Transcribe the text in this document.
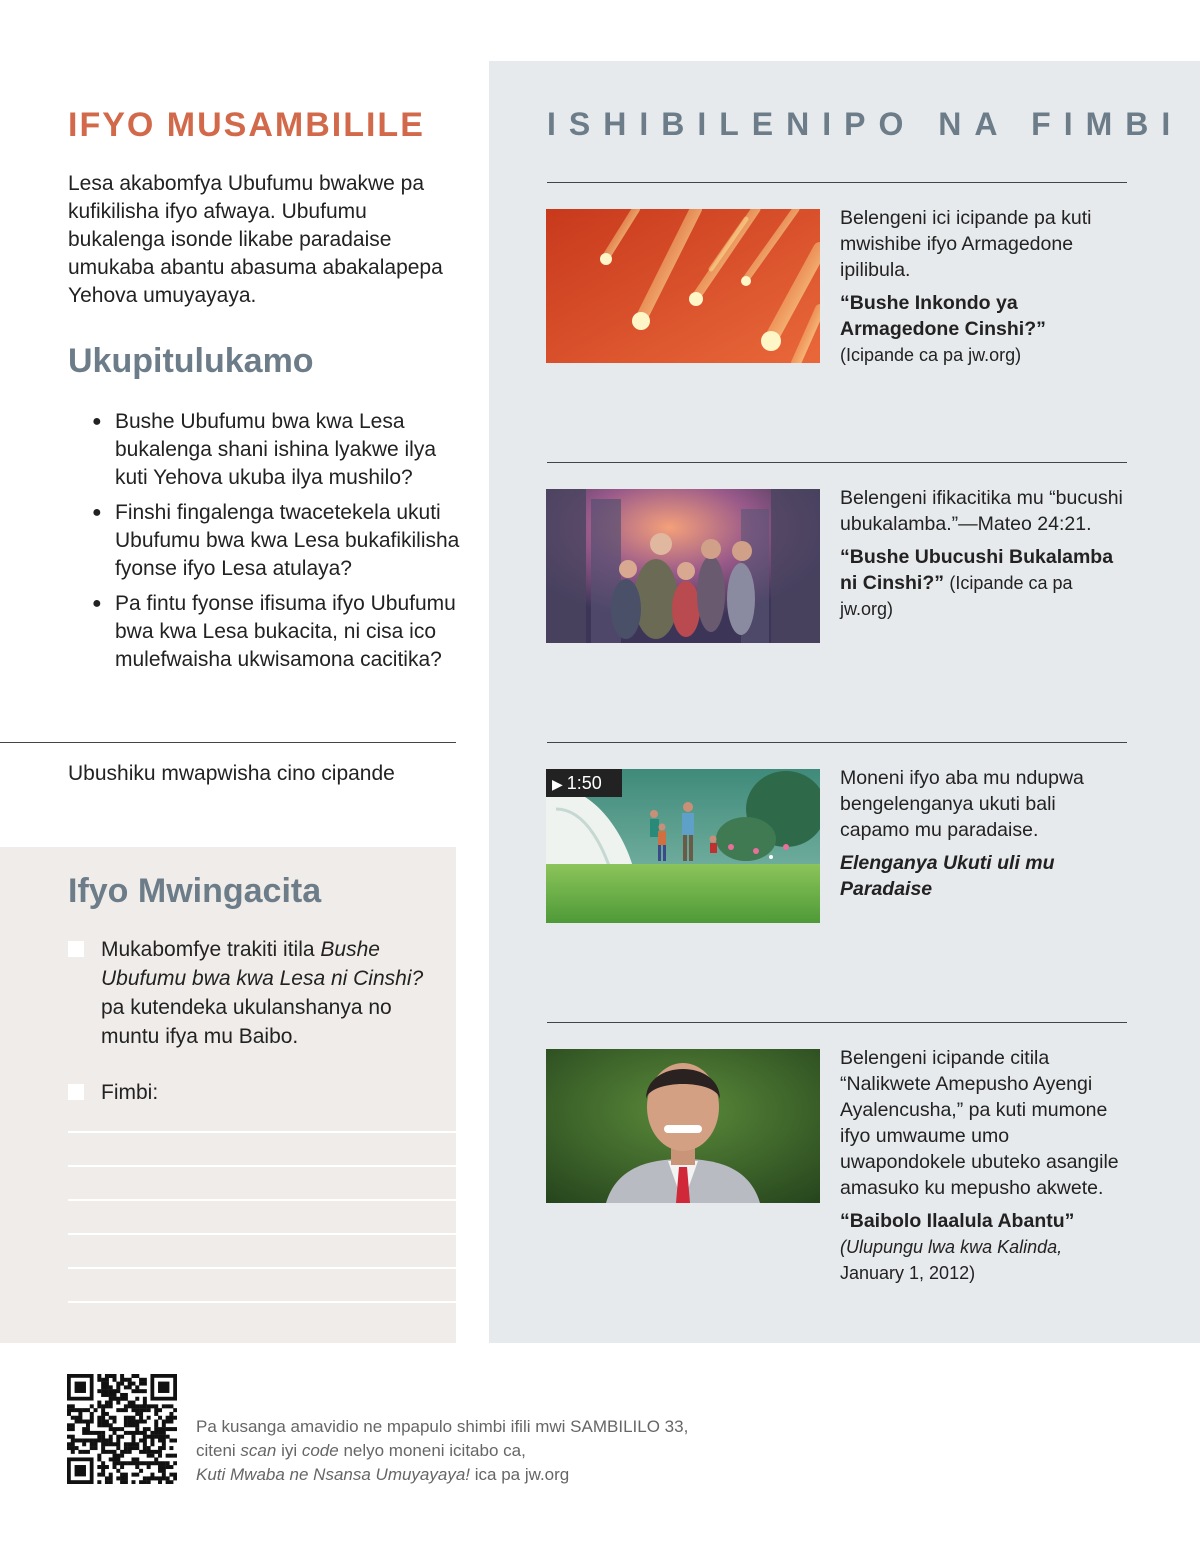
IFYO MUSAMBILILE

Lesa akabomfya Ubufumu bwakwe pa kufikilisha ifyo afwaya. Ubufumu bukalenga isonde likabe paradaise umukaba abantu abasuma abakalapepa Yehova umuyayaya.

Ukupitulukamo
● Bushe Ubufumu bwa kwa Lesa bukalenga shani ishina lyakwe ilya kuti Yehova ukuba ilya mushilo?
● Finshi fingalenga twacetekela ukuti Ubufumu bwa kwa Lesa bukafikilisha fyonse ifyo Lesa atulaya?
● Pa fintu fyonse ifisuma ifyo Ubufumu bwa kwa Lesa bukacita, ni cisa ico mulefwaisha ukwisamona cacitika?
Ubushiku mwapwisha cino cipande
Ifyo Mwingacita
Mukabomfye trakiti itila Bushe Ubufumu bwa kwa Lesa ni Cinshi? pa kutendeka ukulanshanya no muntu ifya mu Baibo.
Fimbi:
ISHIBILENIPO NA FIMBI
Belengeni ici icipande pa kuti mwishibe ifyo Armagedone ipilibula.
“Bushe Inkondo ya Armagedone Cinshi?”
(Icipande ca pa jw.org)
Belengeni ifikacitika mu “bucushi ubukalamba.”—Mateo 24:21.
“Bushe Ubucushi Bukalamba ni Cinshi?” (Icipande ca pa jw.org)
▶ 1:50	Moneni ifyo aba mu ndupwa bengelenganya ukuti bali capamo mu paradaise.
Elenganya Ukuti uli mu Paradaise
Belengeni icipande citila “Nalikwete Amepusho Ayengi Ayalencusha,” pa kuti mumone ifyo umwaume umo uwapondokele ubuteko asangile amasuko ku mepusho akwete.
“Baibolo Ilaalula Abantu”
(Ulupungu lwa kwa Kalinda,
January 1, 2012)
Pa kusanga amavidio ne mpapulo shimbi ifili mwi SAMBILILO 33,
citeni scan iyi code nelyo moneni icitabo ca,
Kuti Mwaba ne Nsansa Umuyayaya! ica pa jw.org
